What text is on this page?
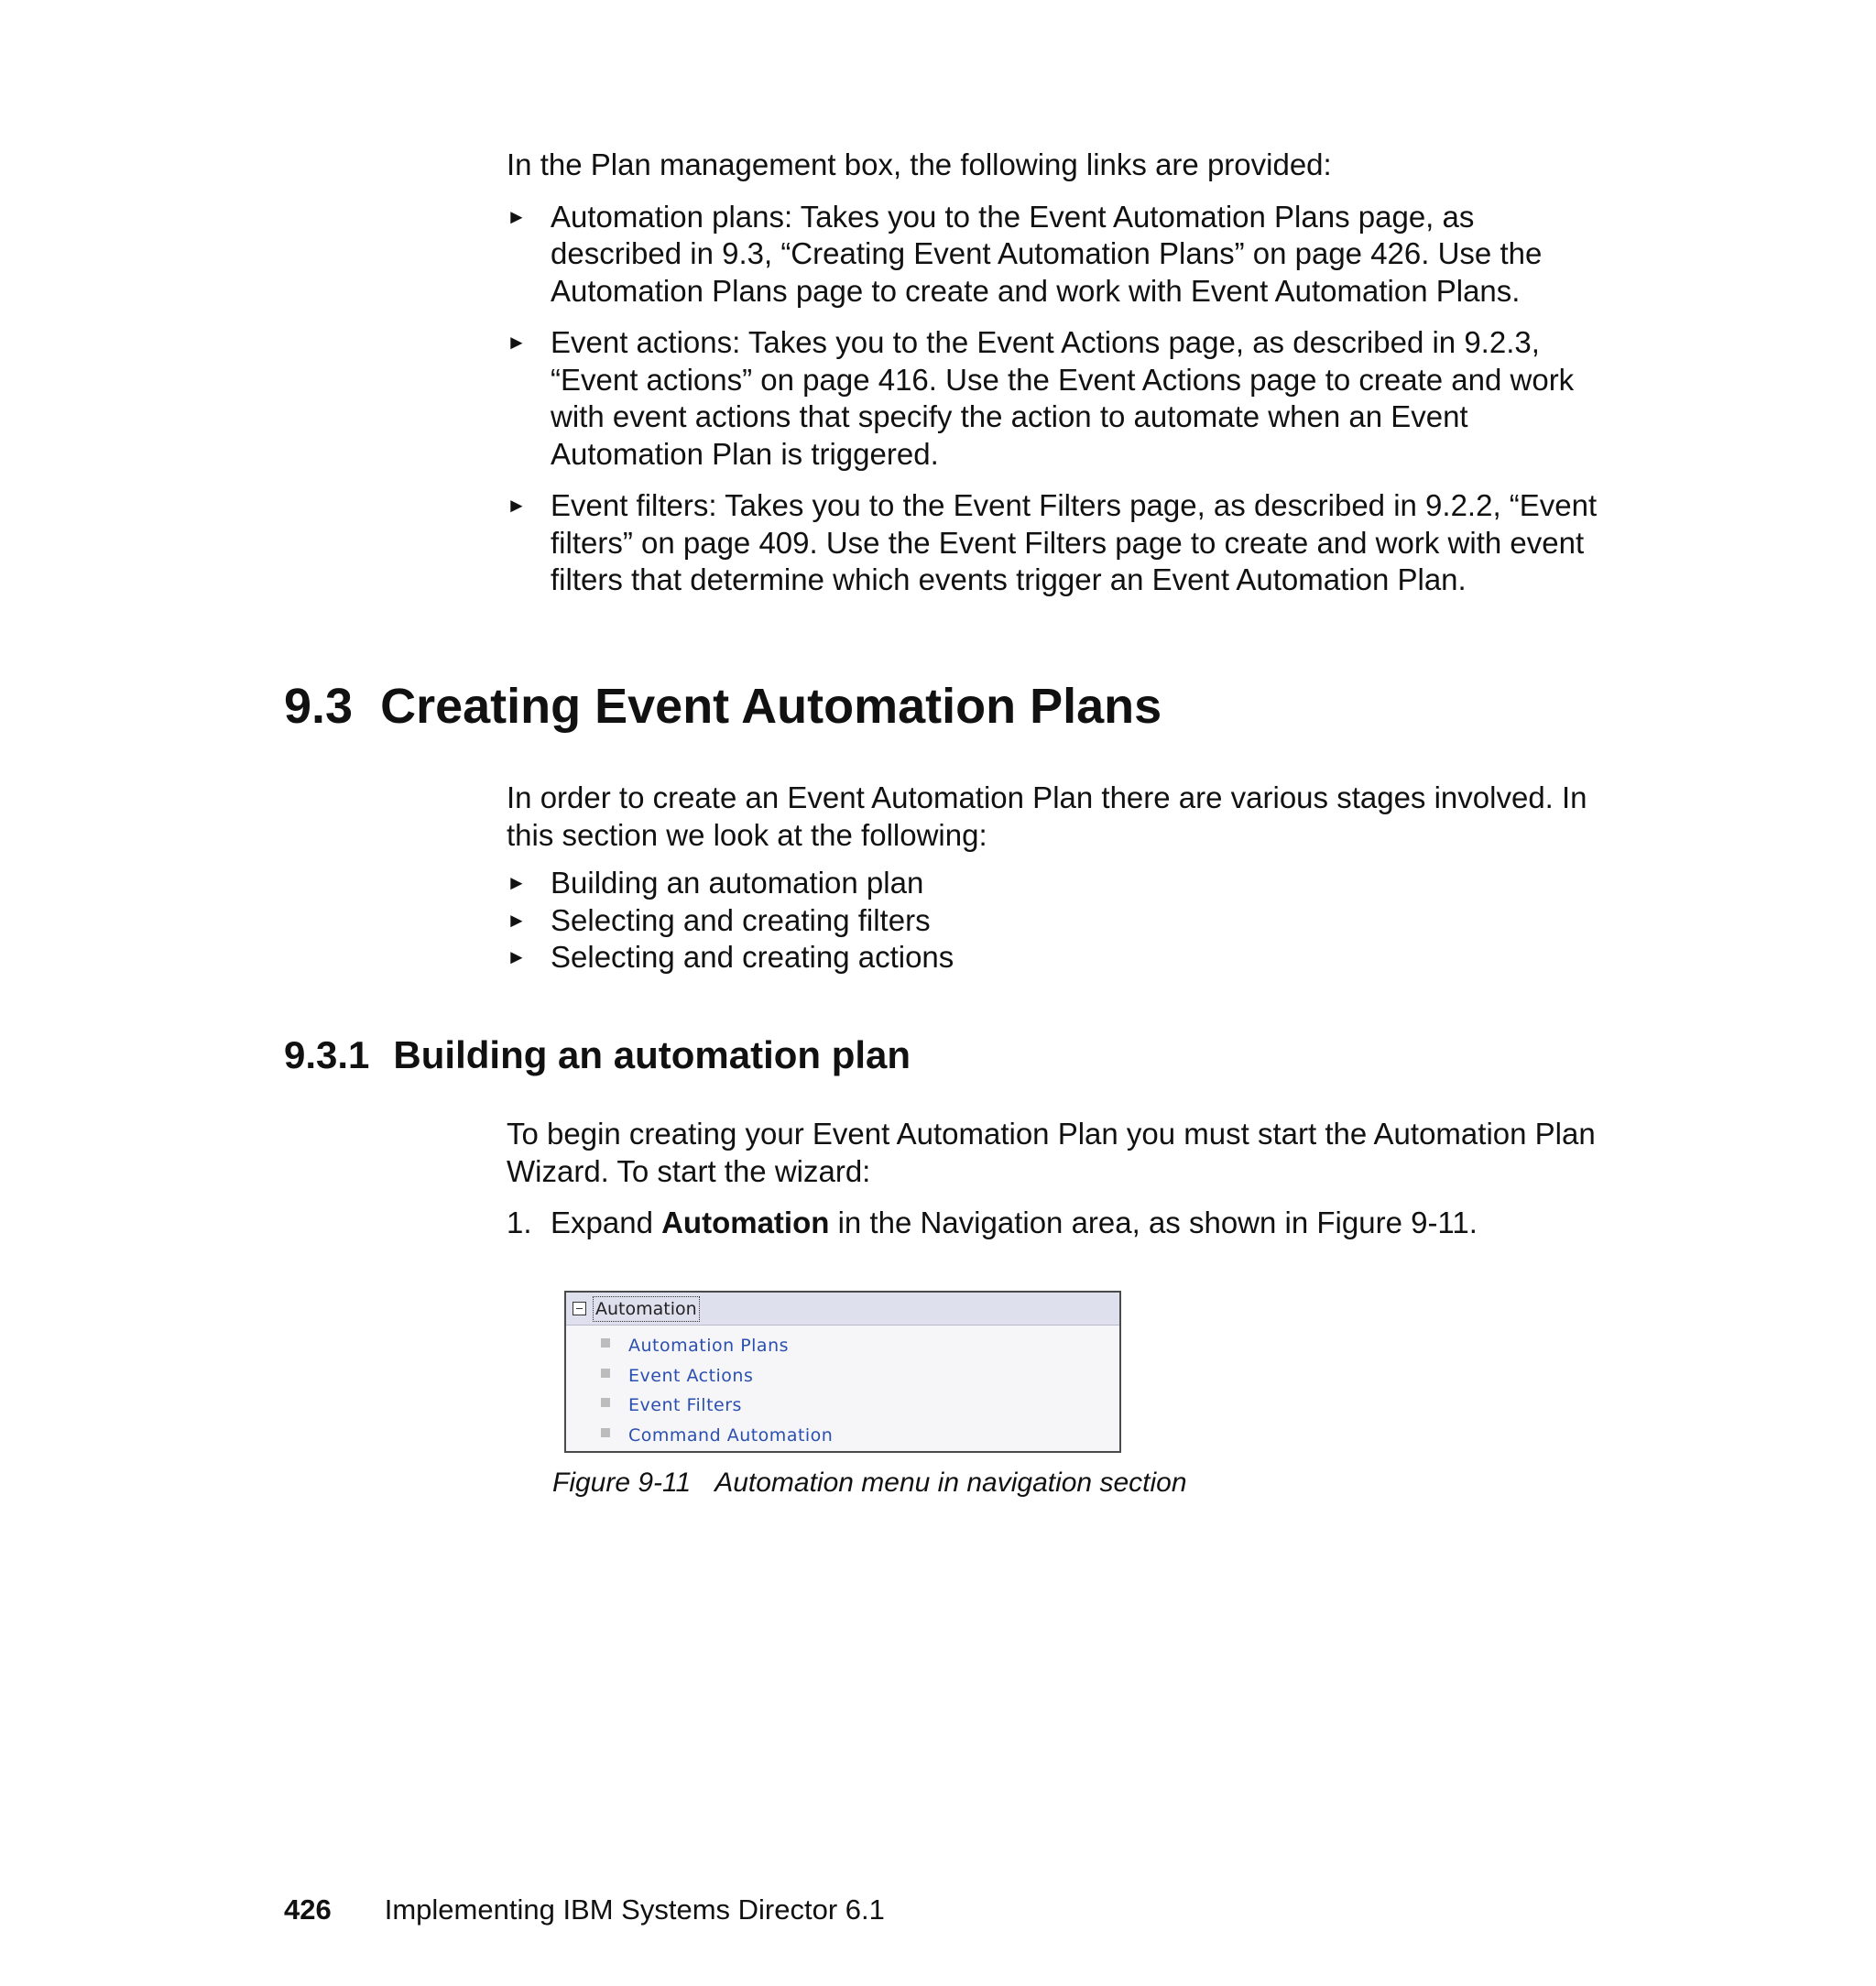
In the Plan management box, the following links are provided:

► Automation plans: Takes you to the Event Automation Plans page, as described in 9.3, “Creating Event Automation Plans” on page 426. Use the Automation Plans page to create and work with Event Automation Plans.
► Event actions: Takes you to the Event Actions page, as described in 9.2.3, “Event actions” on page 416. Use the Event Actions page to create and work with event actions that specify the action to automate when an Event Automation Plan is triggered.
► Event filters: Takes you to the Event Filters page, as described in 9.2.2, “Event filters” on page 409. Use the Event Filters page to create and work with event filters that determine which events trigger an Event Automation Plan.
9.3 Creating Event Automation Plans

In order to create an Event Automation Plan there are various stages involved. In this section we look at the following:

► Building an automation plan
► Selecting and creating filters
► Selecting and creating actions
9.3.1 Building an automation plan

To begin creating your Event Automation Plan you must start the Automation Plan Wizard. To start the wizard:

1. Expand Automation in the Navigation area, as shown in Figure 9-11.
Automation
Automation Plans
Event Actions
Event Filters
Command Automation
Figure 9-11 Automation menu in navigation section
426 Implementing IBM Systems Director 6.1
